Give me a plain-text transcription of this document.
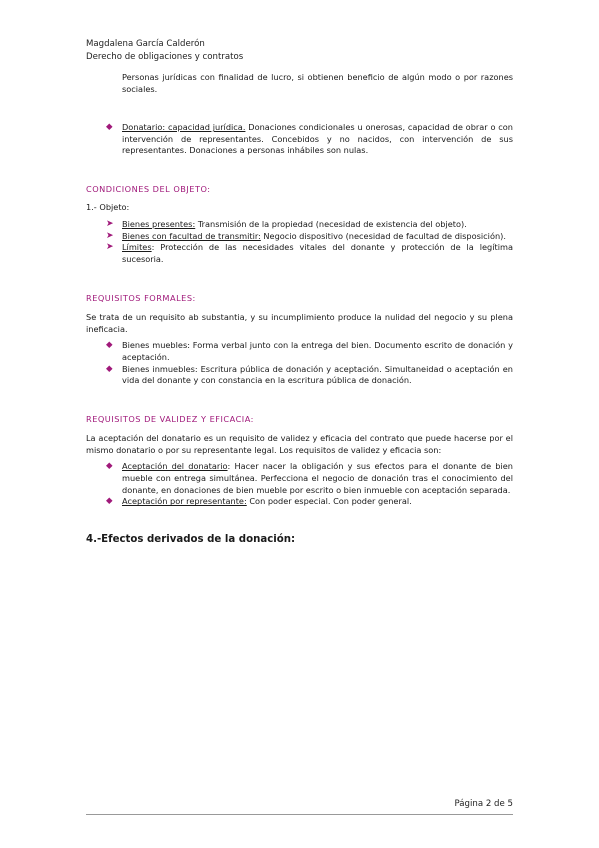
Magdalena García Calderón
Derecho de obligaciones y contratos

Personas jurídicas con finalidad de lucro, si obtienen beneficio de algún modo o por razones sociales.

◆ Donatario: capacidad jurídica. Donaciones condicionales u onerosas, capacidad de obrar o con intervención de representantes. Concebidos y no nacidos, con intervención de sus representantes. Donaciones a personas inhábiles son nulas.

CONDICIONES DEL OBJETO:

1.- Objeto:

➤ Bienes presentes: Transmisión de la propiedad (necesidad de existencia del objeto).
➤ Bienes con facultad de transmitir: Negocio dispositivo (necesidad de facultad de disposición).
➤ Límites: Protección de las necesidades vitales del donante y protección de la legítima sucesoria.

REQUISITOS FORMALES:

Se trata de un requisito ab substantia, y su incumplimiento produce la nulidad del negocio y su plena ineficacia.

◆ Bienes muebles: Forma verbal junto con la entrega del bien. Documento escrito de donación y aceptación.
◆ Bienes inmuebles: Escritura pública de donación y aceptación. Simultaneidad o aceptación en vida del donante y con constancia en la escritura pública de donación.

REQUISITOS DE VALIDEZ Y EFICACIA:

La aceptación del donatario es un requisito de validez y eficacia del contrato que puede hacerse por el mismo donatario o por su representante legal. Los requisitos de validez y eficacia son:

◆ Aceptación del donatario: Hacer nacer la obligación y sus efectos para el donante de bien mueble con entrega simultánea. Perfecciona el negocio de donación tras el conocimiento del donante, en donaciones de bien mueble por escrito o bien inmueble con aceptación separada.
◆ Aceptación por representante: Con poder especial. Con poder general.

4.-Efectos derivados de la donación:

Página 2 de 5
